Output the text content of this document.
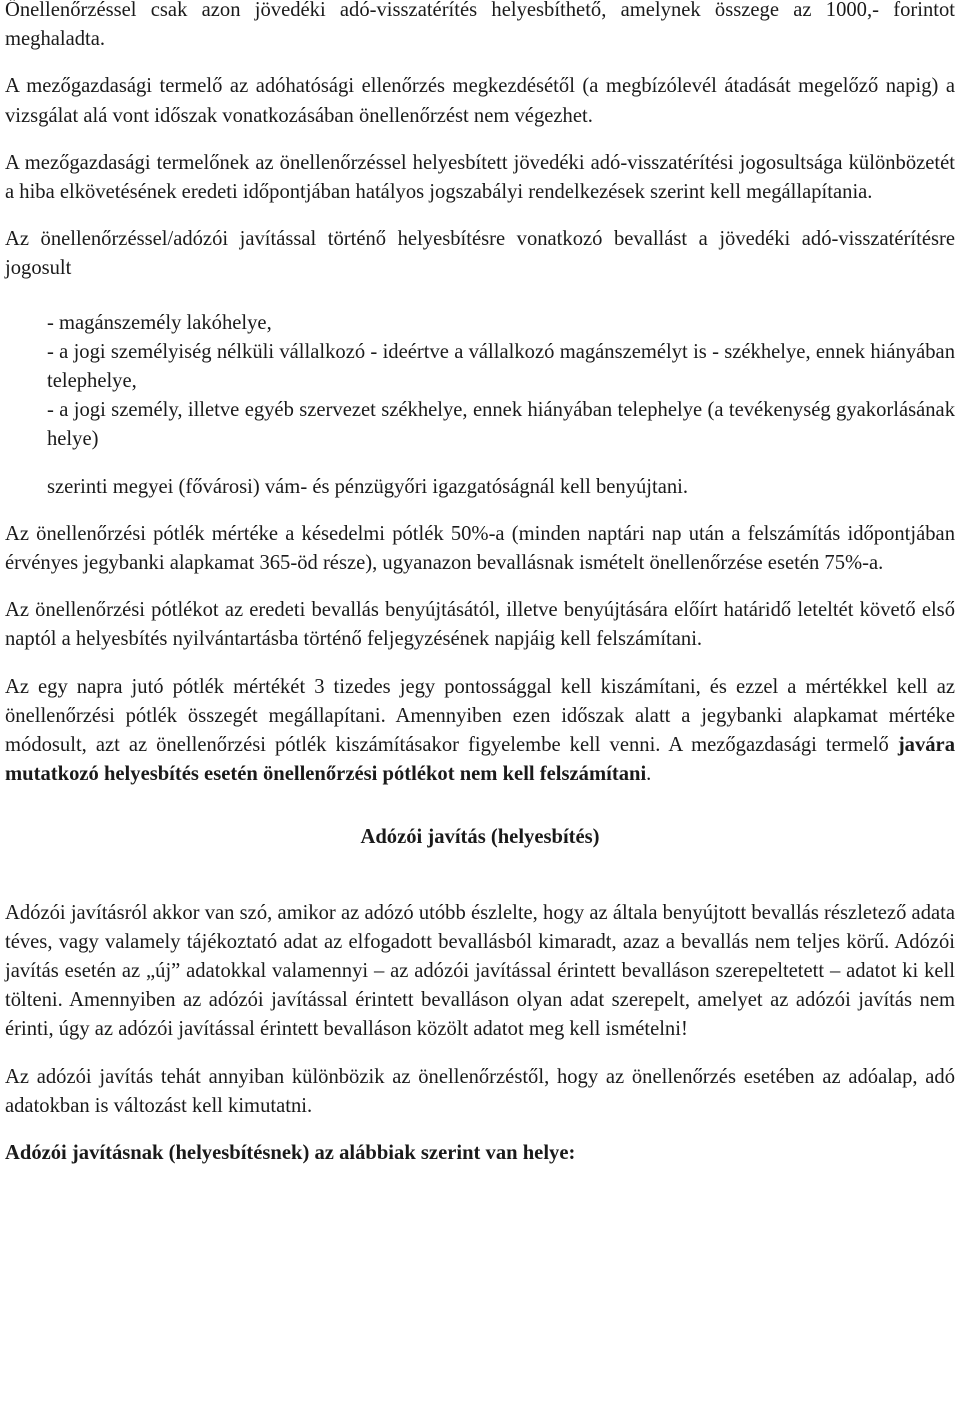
Önellenőrzéssel csak azon jövedéki adó-visszatérítés helyesbíthető, amelynek összege az 1000,- forintot meghaladta.

A mezőgazdasági termelő az adóhatósági ellenőrzés megkezdésétől (a megbízólevél átadását megelőző napig) a vizsgálat alá vont időszak vonatkozásában önellenőrzést nem végezhet.

A mezőgazdasági termelőnek az önellenőrzéssel helyesbített jövedéki adó-visszatérítési jogosultsága különbözetét a hiba elkövetésének eredeti időpontjában hatályos jogszabályi rendelkezések szerint kell megállapítania.

Az önellenőrzéssel/adózói javítással történő helyesbítésre vonatkozó bevallást a jövedéki adó-visszatérítésre jogosult

- magánszemély lakóhelye,

- a jogi személyiség nélküli vállalkozó - ideértve a vállalkozó magánszemélyt is - székhelye, ennek hiányában telephelye,

- a jogi személy, illetve egyéb szervezet székhelye, ennek hiányában telephelye (a tevékenység gyakorlásának helye)

szerinti megyei (fővárosi) vám- és pénzügyőri igazgatóságnál kell benyújtani.

Az önellenőrzési pótlék mértéke a késedelmi pótlék 50%-a (minden naptári nap után a felszámítás időpontjában érvényes jegybanki alapkamat 365-öd része), ugyanazon bevallásnak ismételt önellenőrzése esetén 75%-a.

Az önellenőrzési pótlékot az eredeti bevallás benyújtásától, illetve benyújtására előírt határidő leteltét követő első naptól a helyesbítés nyilvántartásba történő feljegyzésének napjáig kell felszámítani.

Az egy napra jutó pótlék mértékét 3 tizedes jegy pontossággal kell kiszámítani, és ezzel a mértékkel kell az önellenőrzési pótlék összegét megállapítani. Amennyiben ezen időszak alatt a jegybanki alapkamat mértéke módosult, azt az önellenőrzési pótlék kiszámításakor figyelembe kell venni. A mezőgazdasági termelő javára mutatkozó helyesbítés esetén önellenőrzési pótlékot nem kell felszámítani.

Adózói javítás (helyesbítés)

Adózói javításról akkor van szó, amikor az adózó utóbb észlelte, hogy az általa benyújtott bevallás részletező adata téves, vagy valamely tájékoztató adat az elfogadott bevallásból kimaradt, azaz a bevallás nem teljes körű. Adózói javítás esetén az „új” adatokkal valamennyi – az adózói javítással érintett bevalláson szerepeltetett – adatot ki kell tölteni. Amennyiben az adózói javítással érintett bevalláson olyan adat szerepelt, amelyet az adózói javítás nem érinti, úgy az adózói javítással érintett bevalláson közölt adatot meg kell ismételni!

Az adózói javítás tehát annyiban különbözik az önellenőrzéstől, hogy az önellenőrzés esetében az adóalap, adó adatokban is változást kell kimutatni.

Adózói javításnak (helyesbítésnek) az alábbiak szerint van helye:
